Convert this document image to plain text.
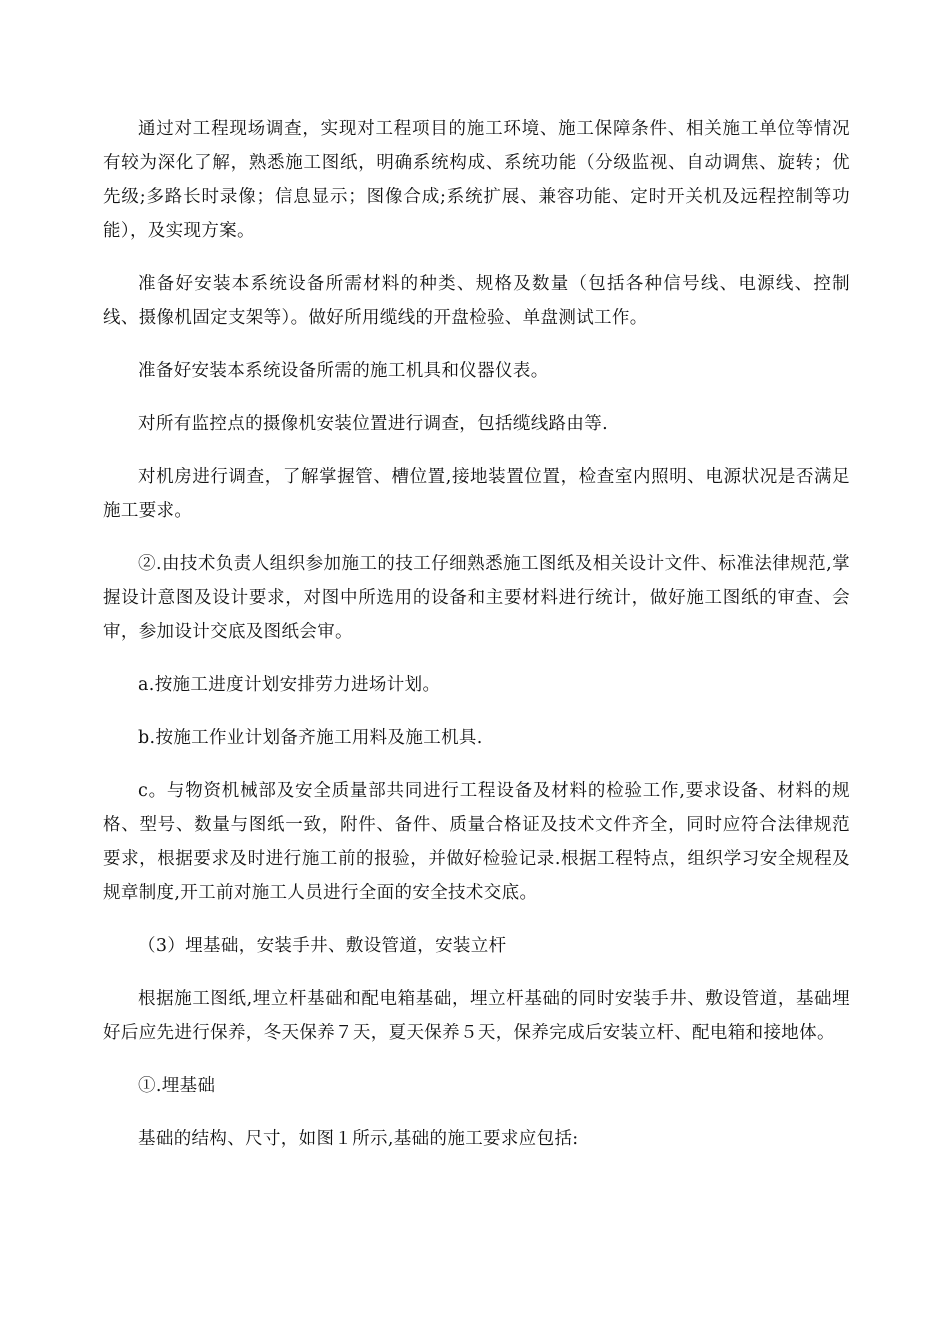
通过对工程现场调查，实现对工程项目的施工环境、施工保障条件、相关施工单位等情况有较为深化了解，熟悉施工图纸，明确系统构成、系统功能（分级监视、自动调焦、旋转；优先级;多路长时录像；信息显示；图像合成;系统扩展、兼容功能、定时开关机及远程控制等功能），及实现方案。

准备好安装本系统设备所需材料的种类、规格及数量（包括各种信号线、电源线、控制线、摄像机固定支架等）。做好所用缆线的开盘检验、单盘测试工作。

准备好安装本系统设备所需的施工机具和仪器仪表。

对所有监控点的摄像机安装位置进行调查，包括缆线路由等.

对机房进行调查，了解掌握管、槽位置,接地装置位置，检查室内照明、电源状况是否满足施工要求。

②.由技术负责人组织参加施工的技工仔细熟悉施工图纸及相关设计文件、标准法律规范,掌握设计意图及设计要求，对图中所选用的设备和主要材料进行统计，做好施工图纸的审查、会审，参加设计交底及图纸会审。

a.按施工进度计划安排劳力进场计划。

b.按施工作业计划备齐施工用料及施工机具.

c。与物资机械部及安全质量部共同进行工程设备及材料的检验工作,要求设备、材料的规格、型号、数量与图纸一致，附件、备件、质量合格证及技术文件齐全，同时应符合法律规范要求，根据要求及时进行施工前的报验，并做好检验记录.根据工程特点，组织学习安全规程及规章制度,开工前对施工人员进行全面的安全技术交底。

（3）埋基础，安装手井、敷设管道，安装立杆

根据施工图纸,埋立杆基础和配电箱基础，埋立杆基础的同时安装手井、敷设管道，基础埋好后应先进行保养，冬天保养７天，夏天保养５天，保养完成后安装立杆、配电箱和接地体。

①.埋基础

基础的结构、尺寸，如图１所示,基础的施工要求应包括:
